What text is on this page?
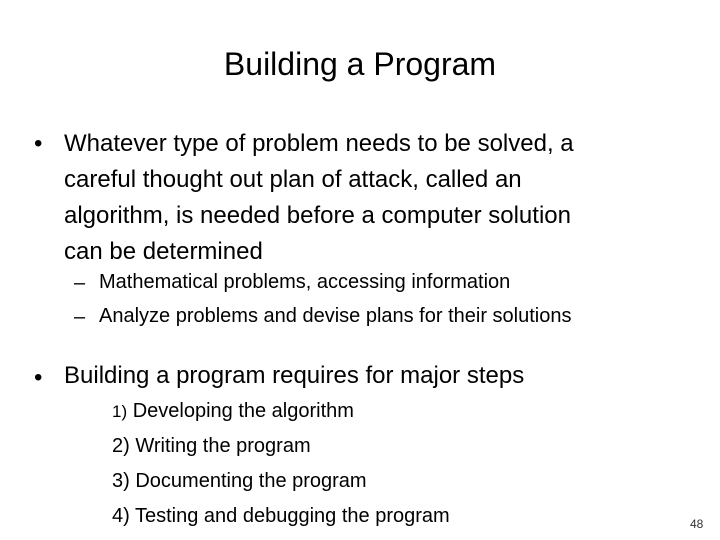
Building a Program
• Whatever type of problem needs to be solved, a
careful thought out plan of attack, called an
algorithm, is needed before a computer solution
can be determined
– Mathematical problems, accessing information
– Analyze problems and devise plans for their solutions
• Building a program requires for major steps
1) Developing the algorithm
2) Writing the program
3) Documenting the program
4) Testing and debugging the program	48
